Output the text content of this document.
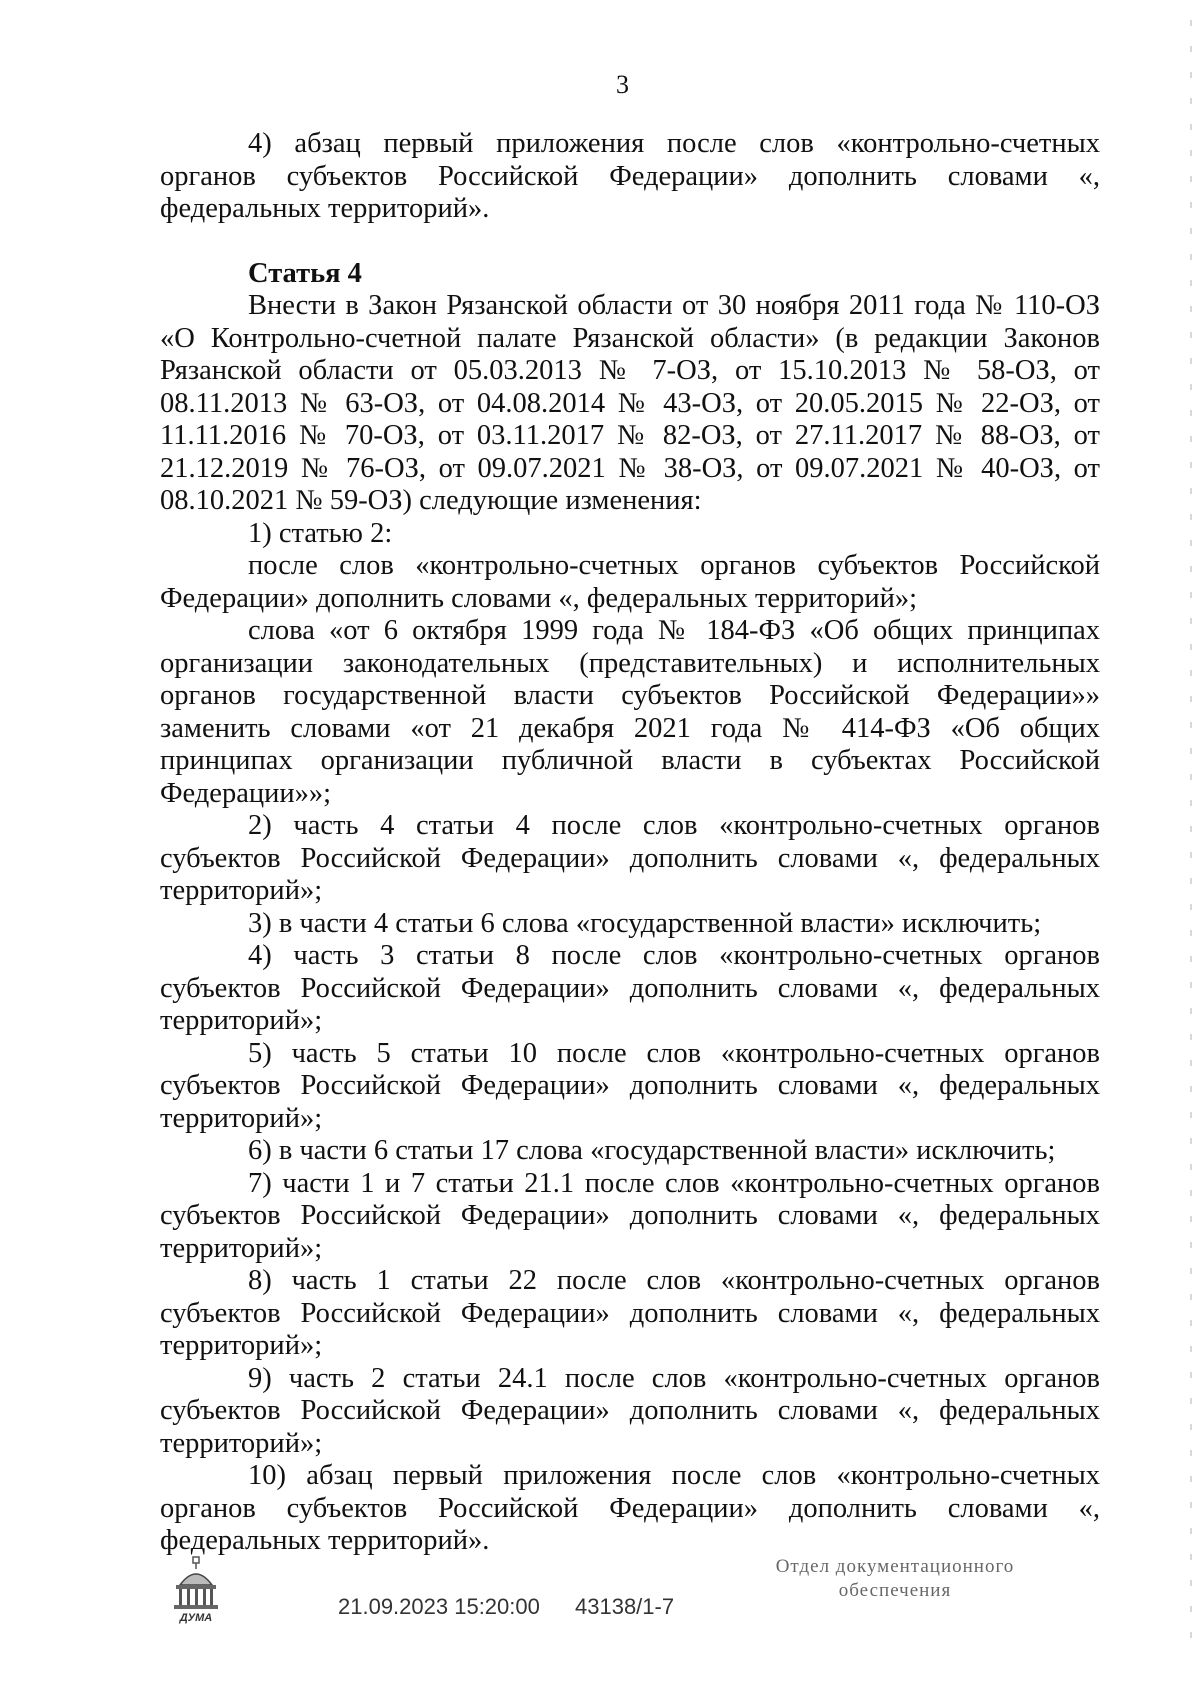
3

4) абзац первый приложения после слов «контрольно-счетных органов субъектов Российской Федерации» дополнить словами «, федеральных территорий».

Статья 4

Внести в Закон Рязанской области от 30 ноября 2011 года № 110-ОЗ «О Контрольно-счетной палате Рязанской области» (в редакции Законов Рязанской области от 05.03.2013 № 7-ОЗ, от 15.10.2013 № 58-ОЗ, от 08.11.2013 № 63-ОЗ, от 04.08.2014 № 43-ОЗ, от 20.05.2015 № 22-ОЗ, от 11.11.2016 № 70-ОЗ, от 03.11.2017 № 82-ОЗ, от 27.11.2017 № 88-ОЗ, от 21.12.2019 № 76-ОЗ, от 09.07.2021 № 38-ОЗ, от 09.07.2021 № 40-ОЗ, от 08.10.2021 № 59-ОЗ) следующие изменения:

1) статью 2:

после слов «контрольно-счетных органов субъектов Российской Федерации» дополнить словами «, федеральных территорий»;

слова «от 6 октября 1999 года № 184-ФЗ «Об общих принципах организации законодательных (представительных) и исполнительных органов государственной власти субъектов Российской Федерации»» заменить словами «от 21 декабря 2021 года № 414-ФЗ «Об общих принципах организации публичной власти в субъектах Российской Федерации»»;

2) часть 4 статьи 4 после слов «контрольно-счетных органов субъектов Российской Федерации» дополнить словами «, федеральных территорий»;

3) в части 4 статьи 6 слова «государственной власти» исключить;

4) часть 3 статьи 8 после слов «контрольно-счетных органов субъектов Российской Федерации» дополнить словами «, федеральных территорий»;

5) часть 5 статьи 10 после слов «контрольно-счетных органов субъектов Российской Федерации» дополнить словами «, федеральных территорий»;

6) в части 6 статьи 17 слова «государственной власти» исключить;

7) части 1 и 7 статьи 21.1 после слов «контрольно-счетных органов субъектов Российской Федерации» дополнить словами «, федеральных территорий»;

8) часть 1 статьи 22 после слов «контрольно-счетных органов субъектов Российской Федерации» дополнить словами «, федеральных территорий»;

9) часть 2 статьи 24.1 после слов «контрольно-счетных органов субъектов Российской Федерации» дополнить словами «, федеральных территорий»;

10) абзац первый приложения после слов «контрольно-счетных органов субъектов Российской Федерации» дополнить словами «, федеральных территорий».

ДУМА	21.09.2023 15:20:00 43138/1-7
Отдел документационного
обеспечения
